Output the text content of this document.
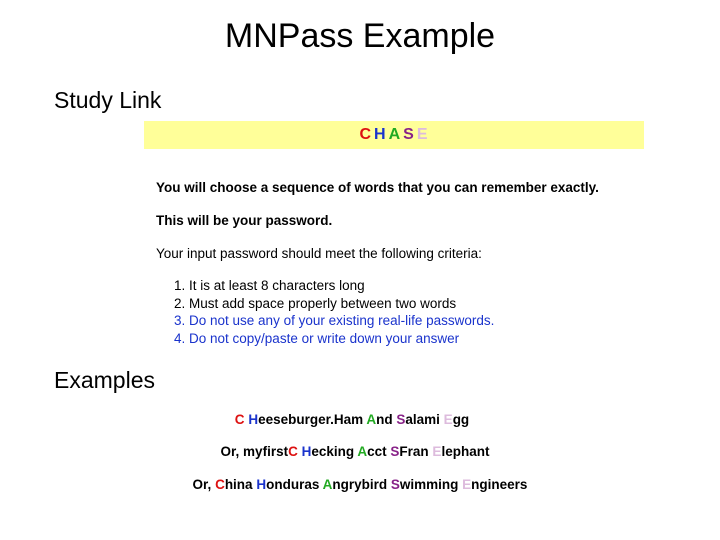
MNPass Example
Study Link
C H A S E
You will choose a sequence of words that you can remember exactly.
This will be your password.
Your input password should meet the following criteria:
1. It is at least 8 characters long
2. Must add space properly between two words
3. Do not use any of your existing real-life passwords.
4. Do not copy/paste or write down your answer
Examples
C Heeseburger.Ham And Salami Egg
Or, myfirstC Hecking Acct SFran Elephant
Or, China Honduras Angrybird Swimming Engineers
